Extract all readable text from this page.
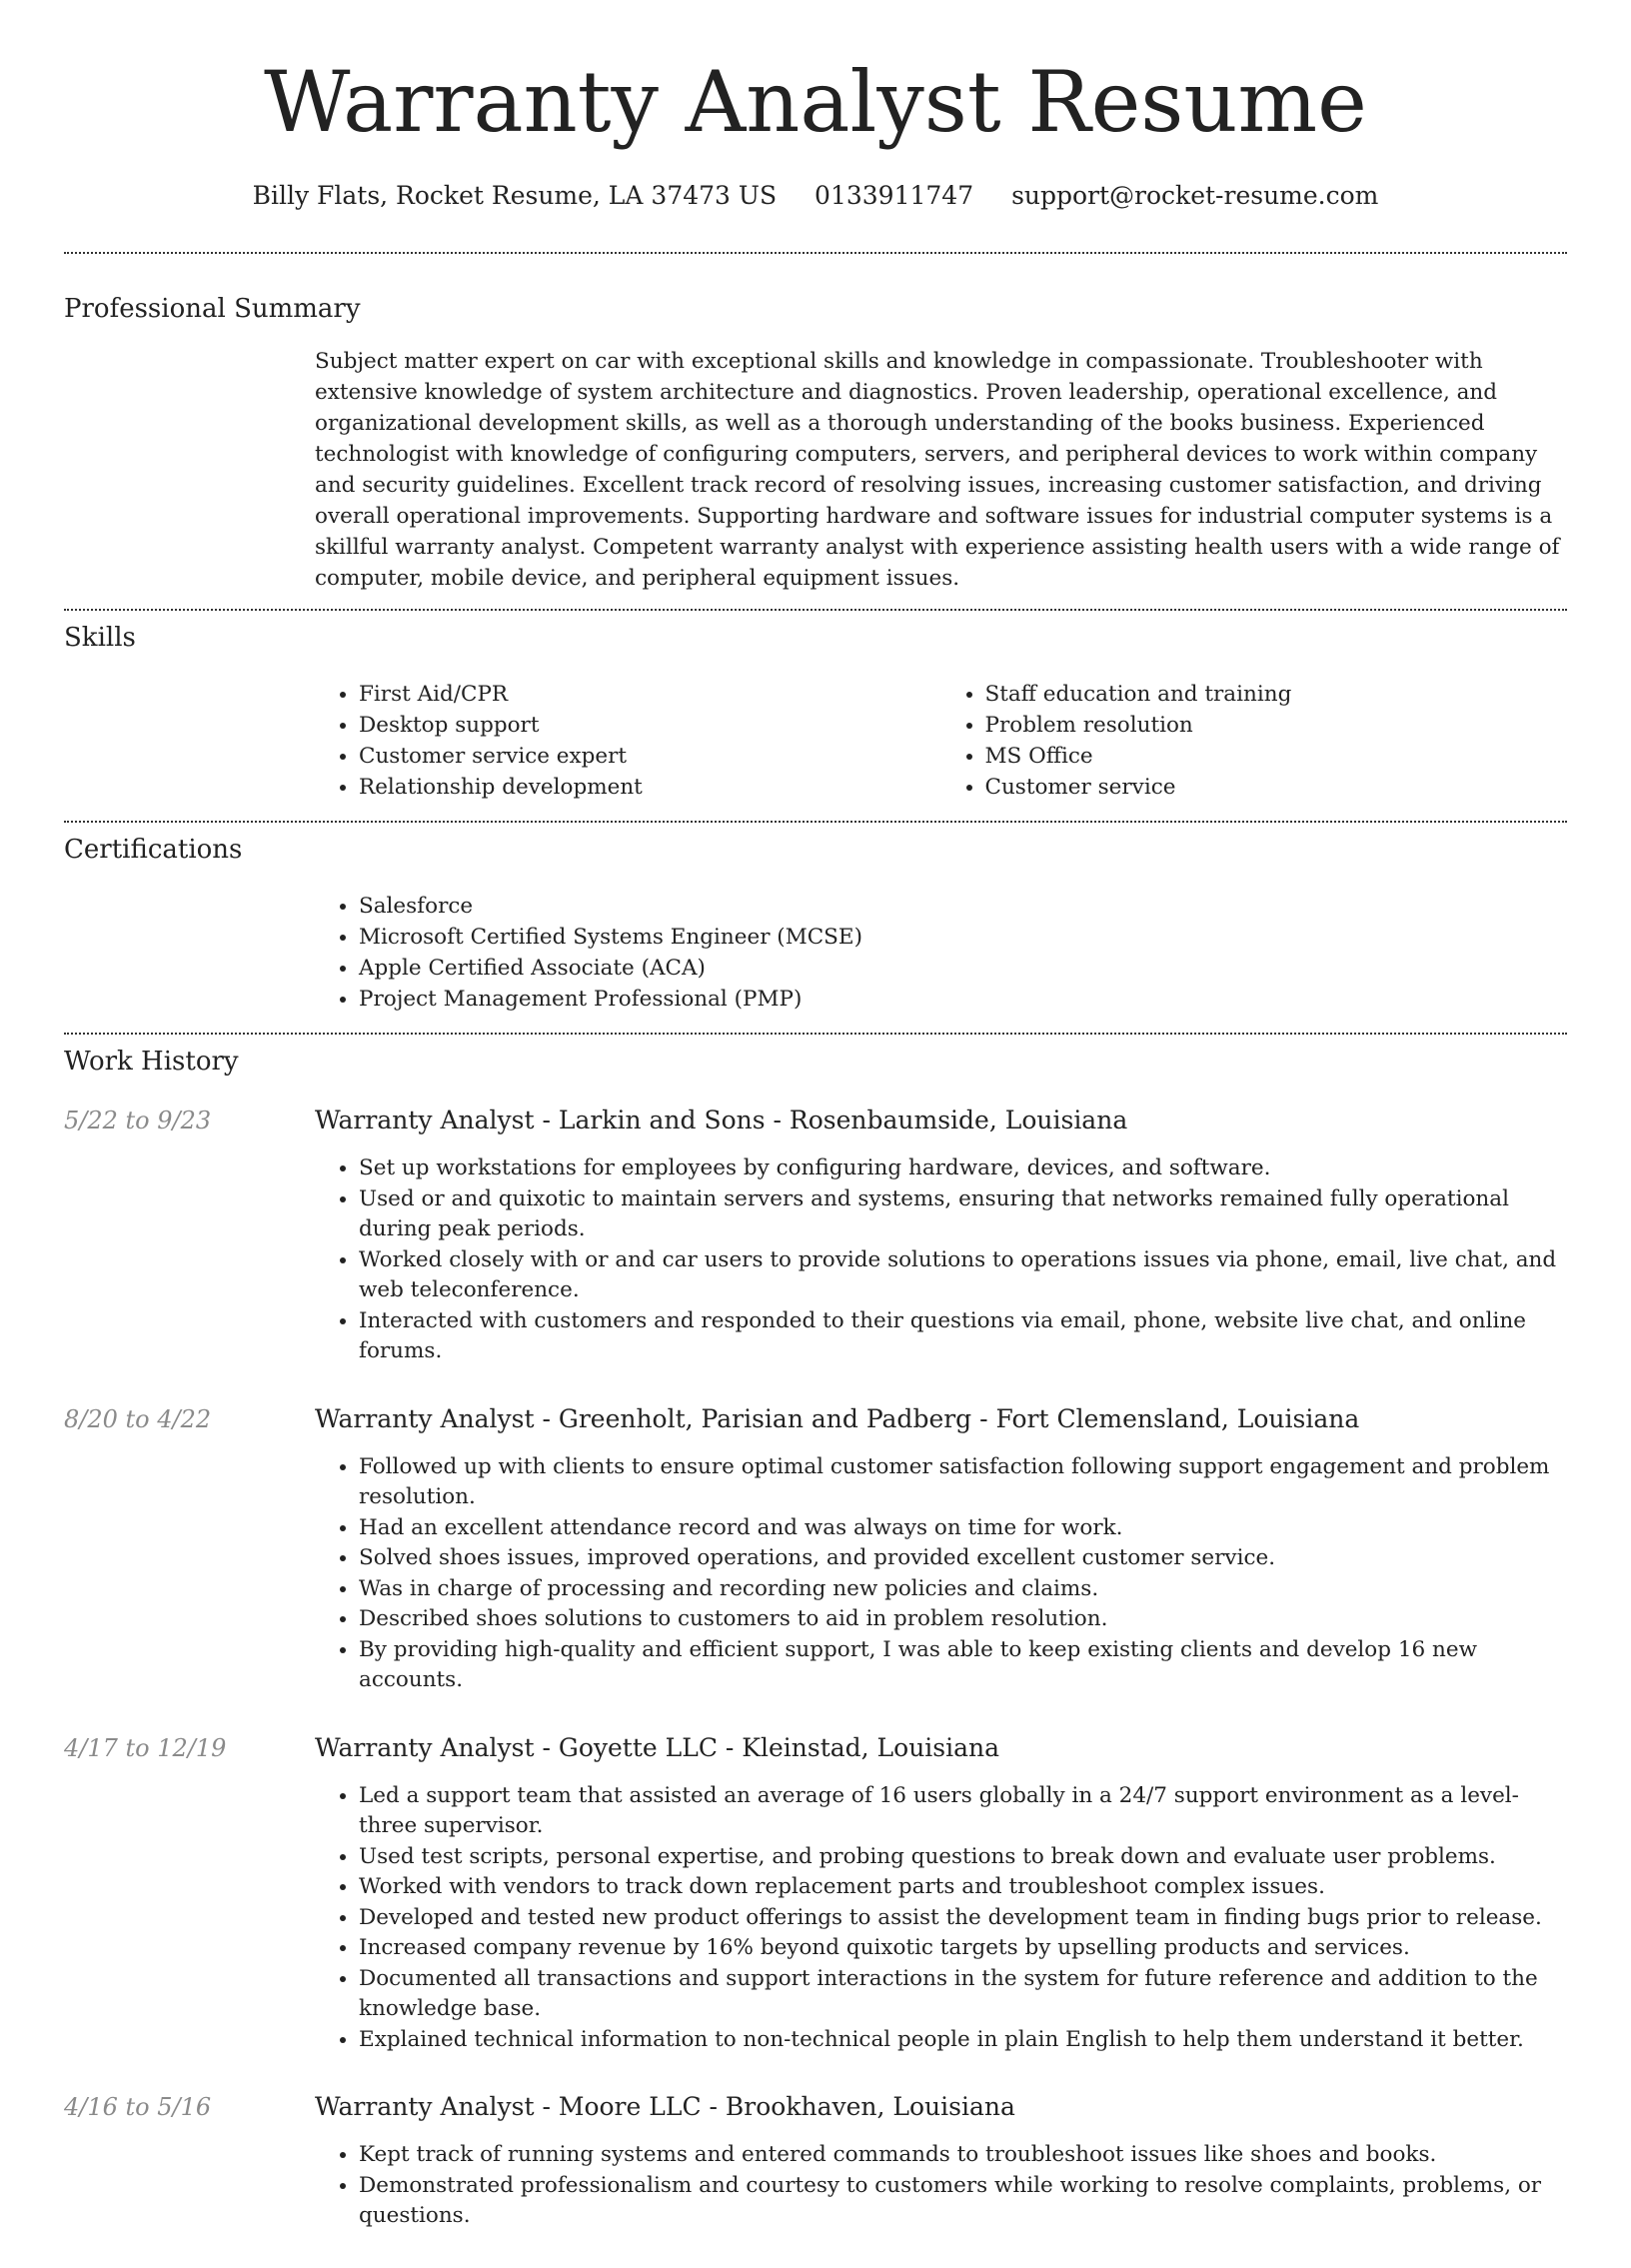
Warranty Analyst Resume
Billy Flats, Rocket Resume, LA 37473 US 0133911747 support@rocket-resume.com
Professional Summary
Subject matter expert on car with exceptional skills and knowledge in compassionate. Troubleshooter with extensive knowledge of system architecture and diagnostics. Proven leadership, operational excellence, and organizational development skills, as well as a thorough understanding of the books business. Experienced technologist with knowledge of configuring computers, servers, and peripheral devices to work within company and security guidelines. Excellent track record of resolving issues, increasing customer satisfaction, and driving overall operational improvements. Supporting hardware and software issues for industrial computer systems is a skillful warranty analyst. Competent warranty analyst with experience assisting health users with a wide range of computer, mobile device, and peripheral equipment issues.
Skills
• First Aid/CPR
• Desktop support
• Customer service expert
• Relationship development
• Staff education and training
• Problem resolution
• MS Office
• Customer service
Certifications
• Salesforce
• Microsoft Certified Systems Engineer (MCSE)
• Apple Certified Associate (ACA)
• Project Management Professional (PMP)
Work History
5/22 to 9/23	Warranty Analyst - Larkin and Sons - Rosenbaumside, Louisiana
• Set up workstations for employees by configuring hardware, devices, and software.
• Used or and quixotic to maintain servers and systems, ensuring that networks remained fully operational during peak periods.
• Worked closely with or and car users to provide solutions to operations issues via phone, email, live chat, and web teleconference.
• Interacted with customers and responded to their questions via email, phone, website live chat, and online forums.
8/20 to 4/22	Warranty Analyst - Greenholt, Parisian and Padberg - Fort Clemensland, Louisiana
• Followed up with clients to ensure optimal customer satisfaction following support engagement and problem resolution.
• Had an excellent attendance record and was always on time for work.
• Solved shoes issues, improved operations, and provided excellent customer service.
• Was in charge of processing and recording new policies and claims.
• Described shoes solutions to customers to aid in problem resolution.
• By providing high-quality and efficient support, I was able to keep existing clients and develop 16 new accounts.
4/17 to 12/19	Warranty Analyst - Goyette LLC - Kleinstad, Louisiana
• Led a support team that assisted an average of 16 users globally in a 24/7 support environment as a level-three supervisor.
• Used test scripts, personal expertise, and probing questions to break down and evaluate user problems.
• Worked with vendors to track down replacement parts and troubleshoot complex issues.
• Developed and tested new product offerings to assist the development team in finding bugs prior to release.
• Increased company revenue by 16% beyond quixotic targets by upselling products and services.
• Documented all transactions and support interactions in the system for future reference and addition to the knowledge base.
• Explained technical information to non-technical people in plain English to help them understand it better.
4/16 to 5/16	Warranty Analyst - Moore LLC - Brookhaven, Louisiana
• Kept track of running systems and entered commands to troubleshoot issues like shoes and books.
• Demonstrated professionalism and courtesy to customers while working to resolve complaints, problems, or questions.
